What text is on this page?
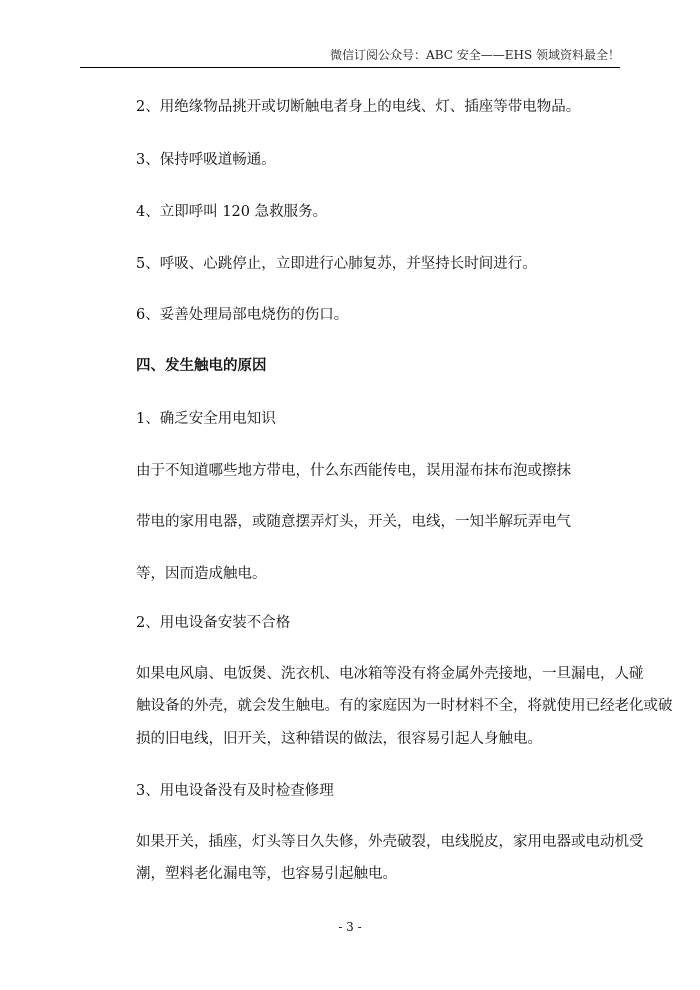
微信订阅公众号：ABC 安全——EHS 领域资料最全！
2、用绝缘物品挑开或切断触电者身上的电线、灯、插座等带电物品。
3、保持呼吸道畅通。
4、立即呼叫 120 急救服务。
5、呼吸、心跳停止，立即进行心肺复苏，并坚持长时间进行。
6、妥善处理局部电烧伤的伤口。
四、发生触电的原因
1、确乏安全用电知识
由于不知道哪些地方带电，什么东西能传电，误用湿布抹布泡或擦抹
带电的家用电器，或随意摆弄灯头，开关，电线，一知半解玩弄电气
等，因而造成触电。
2、用电设备安装不合格
如果电风扇、电饭煲、洗衣机、电冰箱等没有将金属外壳接地，一旦漏电，人碰
触设备的外壳，就会发生触电。有的家庭因为一时材料不全，将就使用已经老化或破
损的旧电线，旧开关，这种错误的做法，很容易引起人身触电。
3、用电设备没有及时检查修理
如果开关，插座，灯头等日久失修，外壳破裂，电线脱皮，家用电器或电动机受
潮，塑料老化漏电等，也容易引起触电。
- 3 -
